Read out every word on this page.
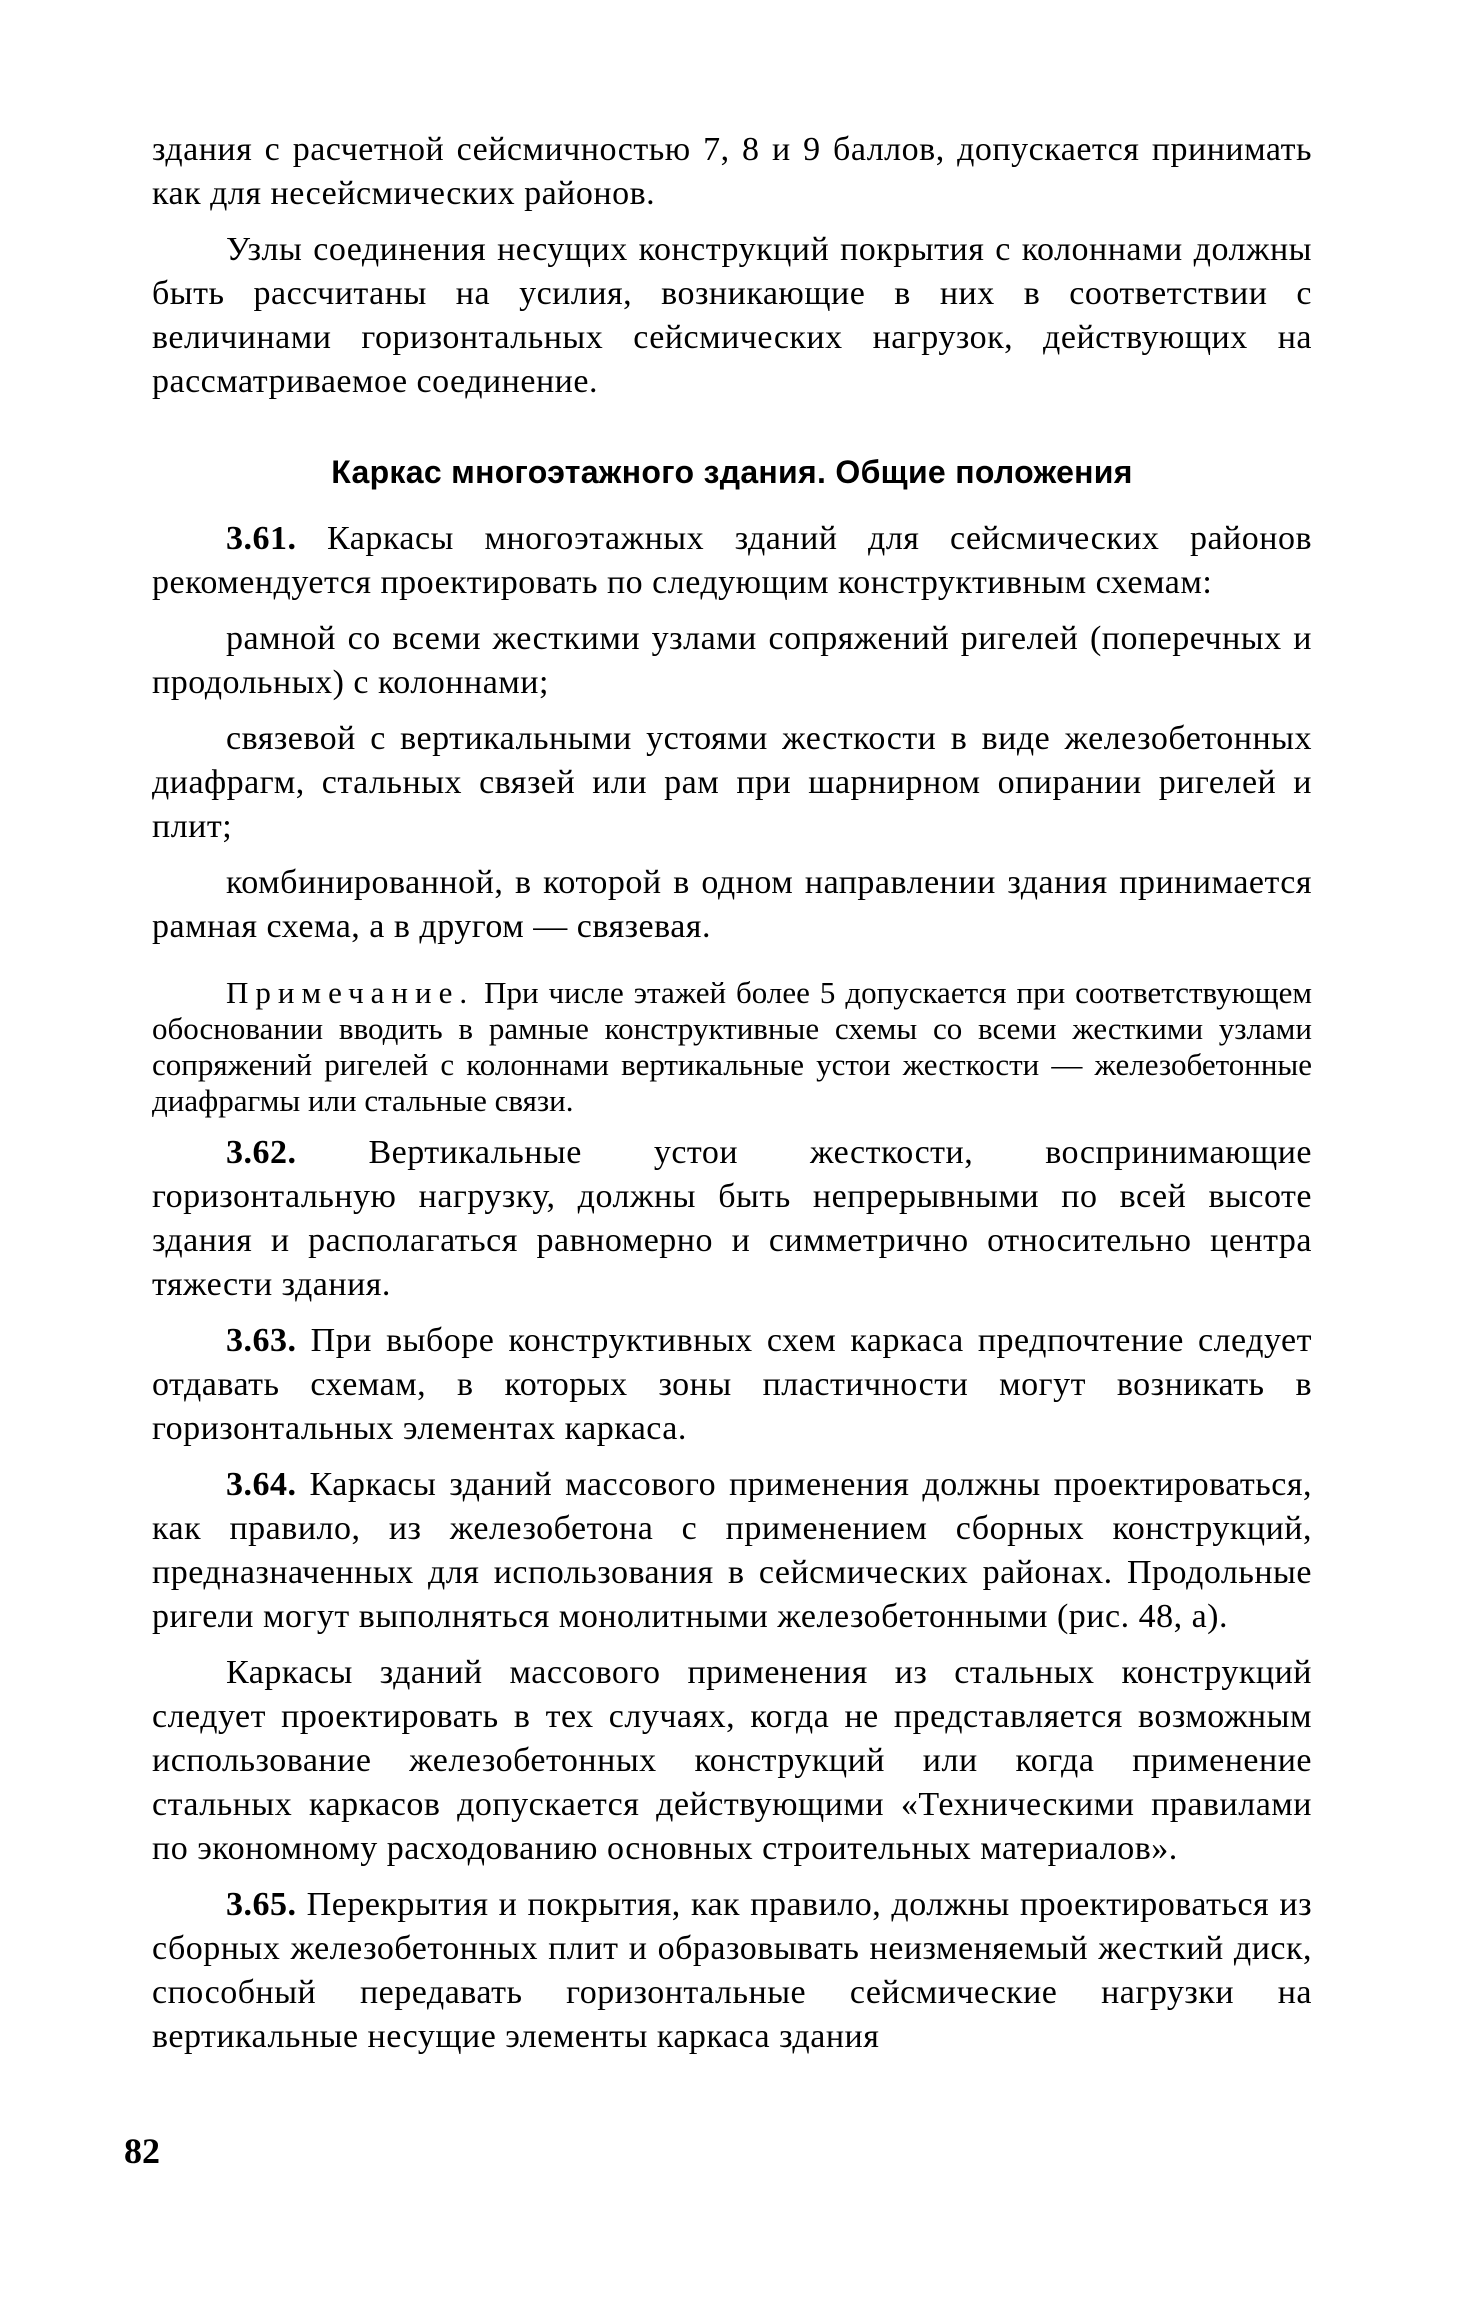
здания с расчетной сейсмичностью 7, 8 и 9 баллов, допускается принимать как для несейсмических районов.

Узлы соединения несущих конструкций покрытия с колоннами должны быть рассчитаны на усилия, возникающие в них в соответствии с величинами горизонтальных сейсмических нагрузок, действующих на рассматриваемое соединение.

Каркас многоэтажного здания. Общие положения

3.61. Каркасы многоэтажных зданий для сейсмических районов рекомендуется проектировать по следующим конструктивным схемам:

рамной со всеми жесткими узлами сопряжений ригелей (поперечных и продольных) с колоннами;

связевой с вертикальными устоями жесткости в виде железобетонных диафрагм, стальных связей или рам при шарнирном опирании ригелей и плит;

комбинированной, в которой в одном направлении здания принимается рамная схема, а в другом — связевая.

Примечание. При числе этажей более 5 допускается при соответствующем обосновании вводить в рамные конструктивные схемы со всеми жесткими узлами сопряжений ригелей с колоннами вертикальные устои жесткости — железобетонные диафрагмы или стальные связи.

3.62. Вертикальные устои жесткости, воспринимающие горизонтальную нагрузку, должны быть непрерывными по всей высоте здания и располагаться равномерно и симметрично относительно центра тяжести здания.

3.63. При выборе конструктивных схем каркаса предпочтение следует отдавать схемам, в которых зоны пластичности могут возникать в горизонтальных элементах каркаса.

3.64. Каркасы зданий массового применения должны проектироваться, как правило, из железобетона с применением сборных конструкций, предназначенных для использования в сейсмических районах. Продольные ригели могут выполняться монолитными железобетонными (рис. 48, а).

Каркасы зданий массового применения из стальных конструкций следует проектировать в тех случаях, когда не представляется возможным использование железобетонных конструкций или когда применение стальных каркасов допускается действующими «Техническими правилами по экономному расходованию основных строительных материалов».

3.65. Перекрытия и покрытия, как правило, должны проектироваться из сборных железобетонных плит и образовывать неизменяемый жесткий диск, способный передавать горизонтальные сейсмические нагрузки на вертикальные несущие элементы каркаса здания

82
